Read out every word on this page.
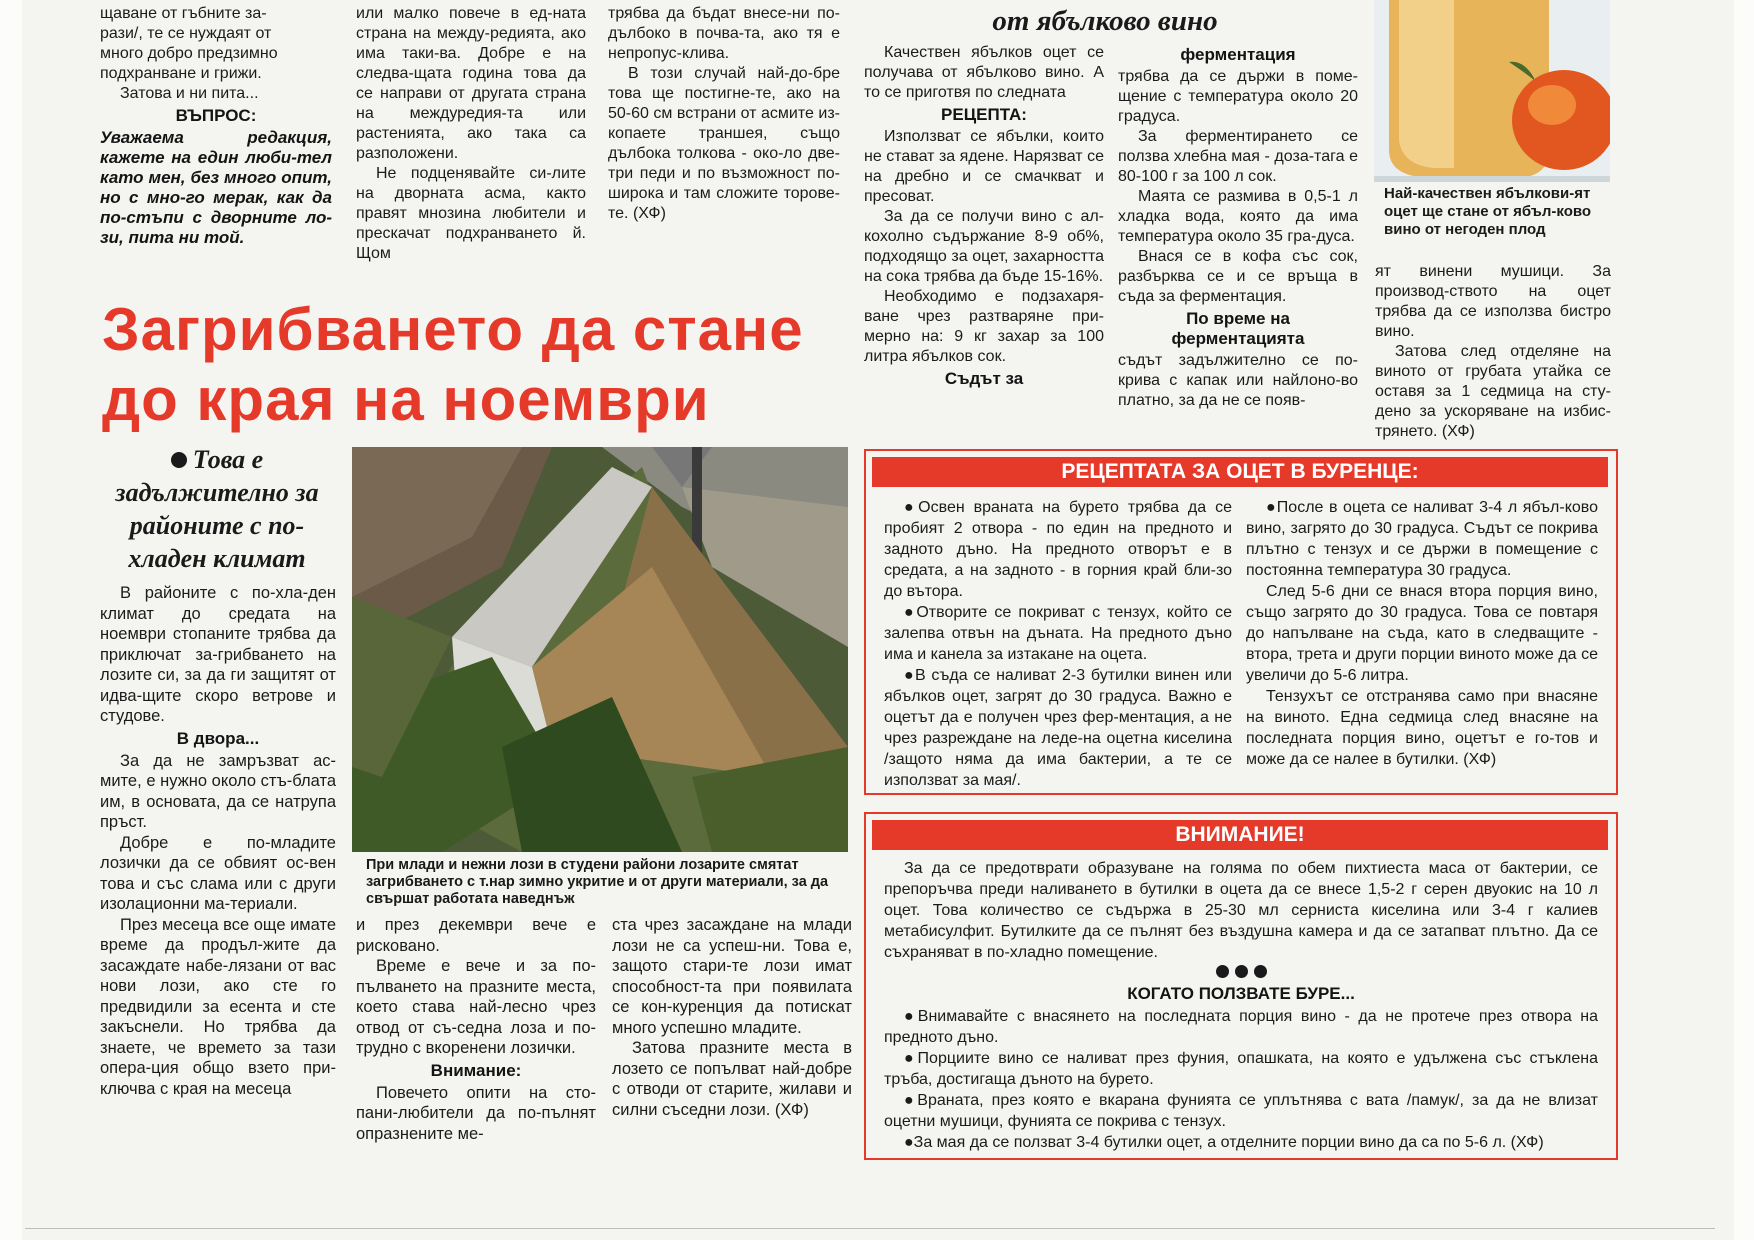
щаване от гъбните за-
рази/, те се нуждаят от
много добро предзимно
подхранване и грижи.

Затова и ни пита...

ВЪПРОС:
Уважаема редакция, кажете на един люби-тел като мен, без много опит, но с мно-го мерак, как да по-стъпи с дворните ло-зи, пита ни той.

или малко повече в ед-ната страна на между-редията, ако има таки-ва. Добре е на следва-щата година това да се направи от другата страна на междуредия-та или растенията, ако така са разположени.

Не подценявайте си-лите на дворната асма, както правят мнозина любители и прескачат подхранването й. Щом

трябва да бъдат внесе-ни по-дълбоко в почва-та, ако тя е непропус-клива.

В този случай най-до-бре това ще постигне-те, ако на 50-60 см встрани от асмите из-копаете траншея, също дълбока толкова - око-ло две-три педи и по възможност по-широка и там сложите торове-те. (ХФ)

Загрибването да стане
до края на ноември
Това е задължително за районите с по-хладен климат
При млади и нежни лози в студени райони лозарите смятат загрибването с т.нар зимно укритие и от други материали, за да свършат работата наведнъж

В районите с по-хла-ден климат до средата на ноември стопаните трябва да приключат за-грибването на лозите си, за да ги защитят от идва-щите скоро ветрове и студове.

В двора...

За да не замръзват ас-мите, е нужно около стъ-блата им, в основата, да се натрупа пръст.

Добре е по-младите лозички да се обвият ос-вен това и със слама или с други изолационни ма-териали.

През месеца все още имате време да продъл-жите да засаждате набе-лязани от вас нови лози, ако сте го предвидили за есента и сте закъснели. Но трябва да знаете, че времето за тази опера-ция общо взето при-ключва с края на месеца

и през декември вече е рисковано.

Време е вече и за по-пълването на празните места, което става най-лесно чрез отвод от съ-седна лоза и по-трудно с вкоренени лозички.

Внимание:

Повечето опити на сто-пани-любители да по-пълнят опразнените ме-

ста чрез засаждане на млади лози не са успеш-ни. Това е, защото стари-те лози имат способност-та при появилата се кон-куренция да потискат много успешно младите.

Затова празните места в лозето се попълват най-добре с отводи от старите, жилави и силни съседни лози. (ХФ)

от ябълково вино

Качествен ябълков оцет се получава от ябълково вино. А то се приготвя по следната

РЕЦЕПТА:

Използват се ябълки, които не стават за ядене. Нарязват се на дребно и се смачкват и пресоват.

За да се получи вино с ал-кохолно съдържание 8-9 об%, подходящо за оцет, захарността на сока трябва да бъде 15-16%.

Необходимо е подзахаря-ване чрез разтваряне при-мерно на: 9 кг захар за 100 литра ябълков сок.

Съдът за
ферментация

трябва да се държи в поме-щение с температура около 20 градуса.

За ферментирането се ползва хлебна мая - доза-тага е 80-100 г за 100 л сок.

Маята се размива в 0,5-1 л хладка вода, която да има температура около 35 гра-дуса.

Внася се в кофа със сок, разбърква се и се връща в съда за ферментация.

По време на ферментацията

съдът задължително се по-крива с капак или найлоно-во платно, за да не се появ-

Най-качествен ябълкови-ят оцет ще стане от ябъл-ково вино от негоден плод

ят винени мушици. За производ-ството на оцет трябва да се използва бистро вино.

Затова след отделяне на виното от грубата утайка се оставя за 1 седмица на сту-дено за ускоряване на избис-трянето. (ХФ)

РЕЦЕПТАТА ЗА ОЦЕТ В БУРЕНЦЕ:

● Освен враната на бурето трябва да се пробият 2 отвора - по един на предното и задното дъно. На предното отворът е в средата, а на задното - в горния край бли-зо до вътора.

● Отворите се покриват с тензух, който се залепва отвън на дъната. На предното дъно има и канела за изтакане на оцета.

● В съда се наливат 2-3 бутилки винен или ябълков оцет, загрят до 30 градуса. Важно е оцетът да е получен чрез фер-ментация, а не чрез разреждане на леде-на оцетна киселина /защото няма да има бактерии, а те се използват за мая/.

● После в оцета се наливат 3-4 л ябъл-ково вино, загрято до 30 градуса. Съдът се покрива плътно с тензух и се държи в помещение с постоянна температура 30 градуса.

След 5-6 дни се внася втора порция вино, също загрято до 30 градуса. Това се повтаря до напълване на съда, като в следващите - втора, трета и други порции виното може да се увеличи до 5-6 литра.

Тензухът се отстранява само при внасяне на виното. Една седмица след внасяне на последната порция вино, оцетът е го-тов и може да се налее в бутилки. (ХФ)

ВНИМАНИЕ!

За да се предотврати образуване на голяма по обем пихтиеста маса от бактерии, се препоръчва преди наливането в бутилки в оцета да се внесе 1,5-2 г серен двуокис на 10 л оцет. Това количество се съдържа в 25-30 мл серниста киселина или 3-4 г калиев метабисулфит. Бутилките да се пълнят без въздушна камера и да се затапват плътно. Да се съхраняват в по-хладно помещение.

КОГАТО ПОЛЗВАТЕ БУРЕ...

● Внимавайте с внасянето на последната порция вино - да не протече през отвора на предното дъно.

● Порциите вино се наливат през фуния, опашката, на която е удължена със стъклена тръба, достигаща дъното на бурето.

● Враната, през която е вкарана фунията се уплътнява с вата /памук/, за да не влизат оцетни мушици, фунията се покрива с тензух.

● За мая да се ползват 3-4 бутилки оцет, а отделните порции вино да са по 5-6 л. (ХФ)
